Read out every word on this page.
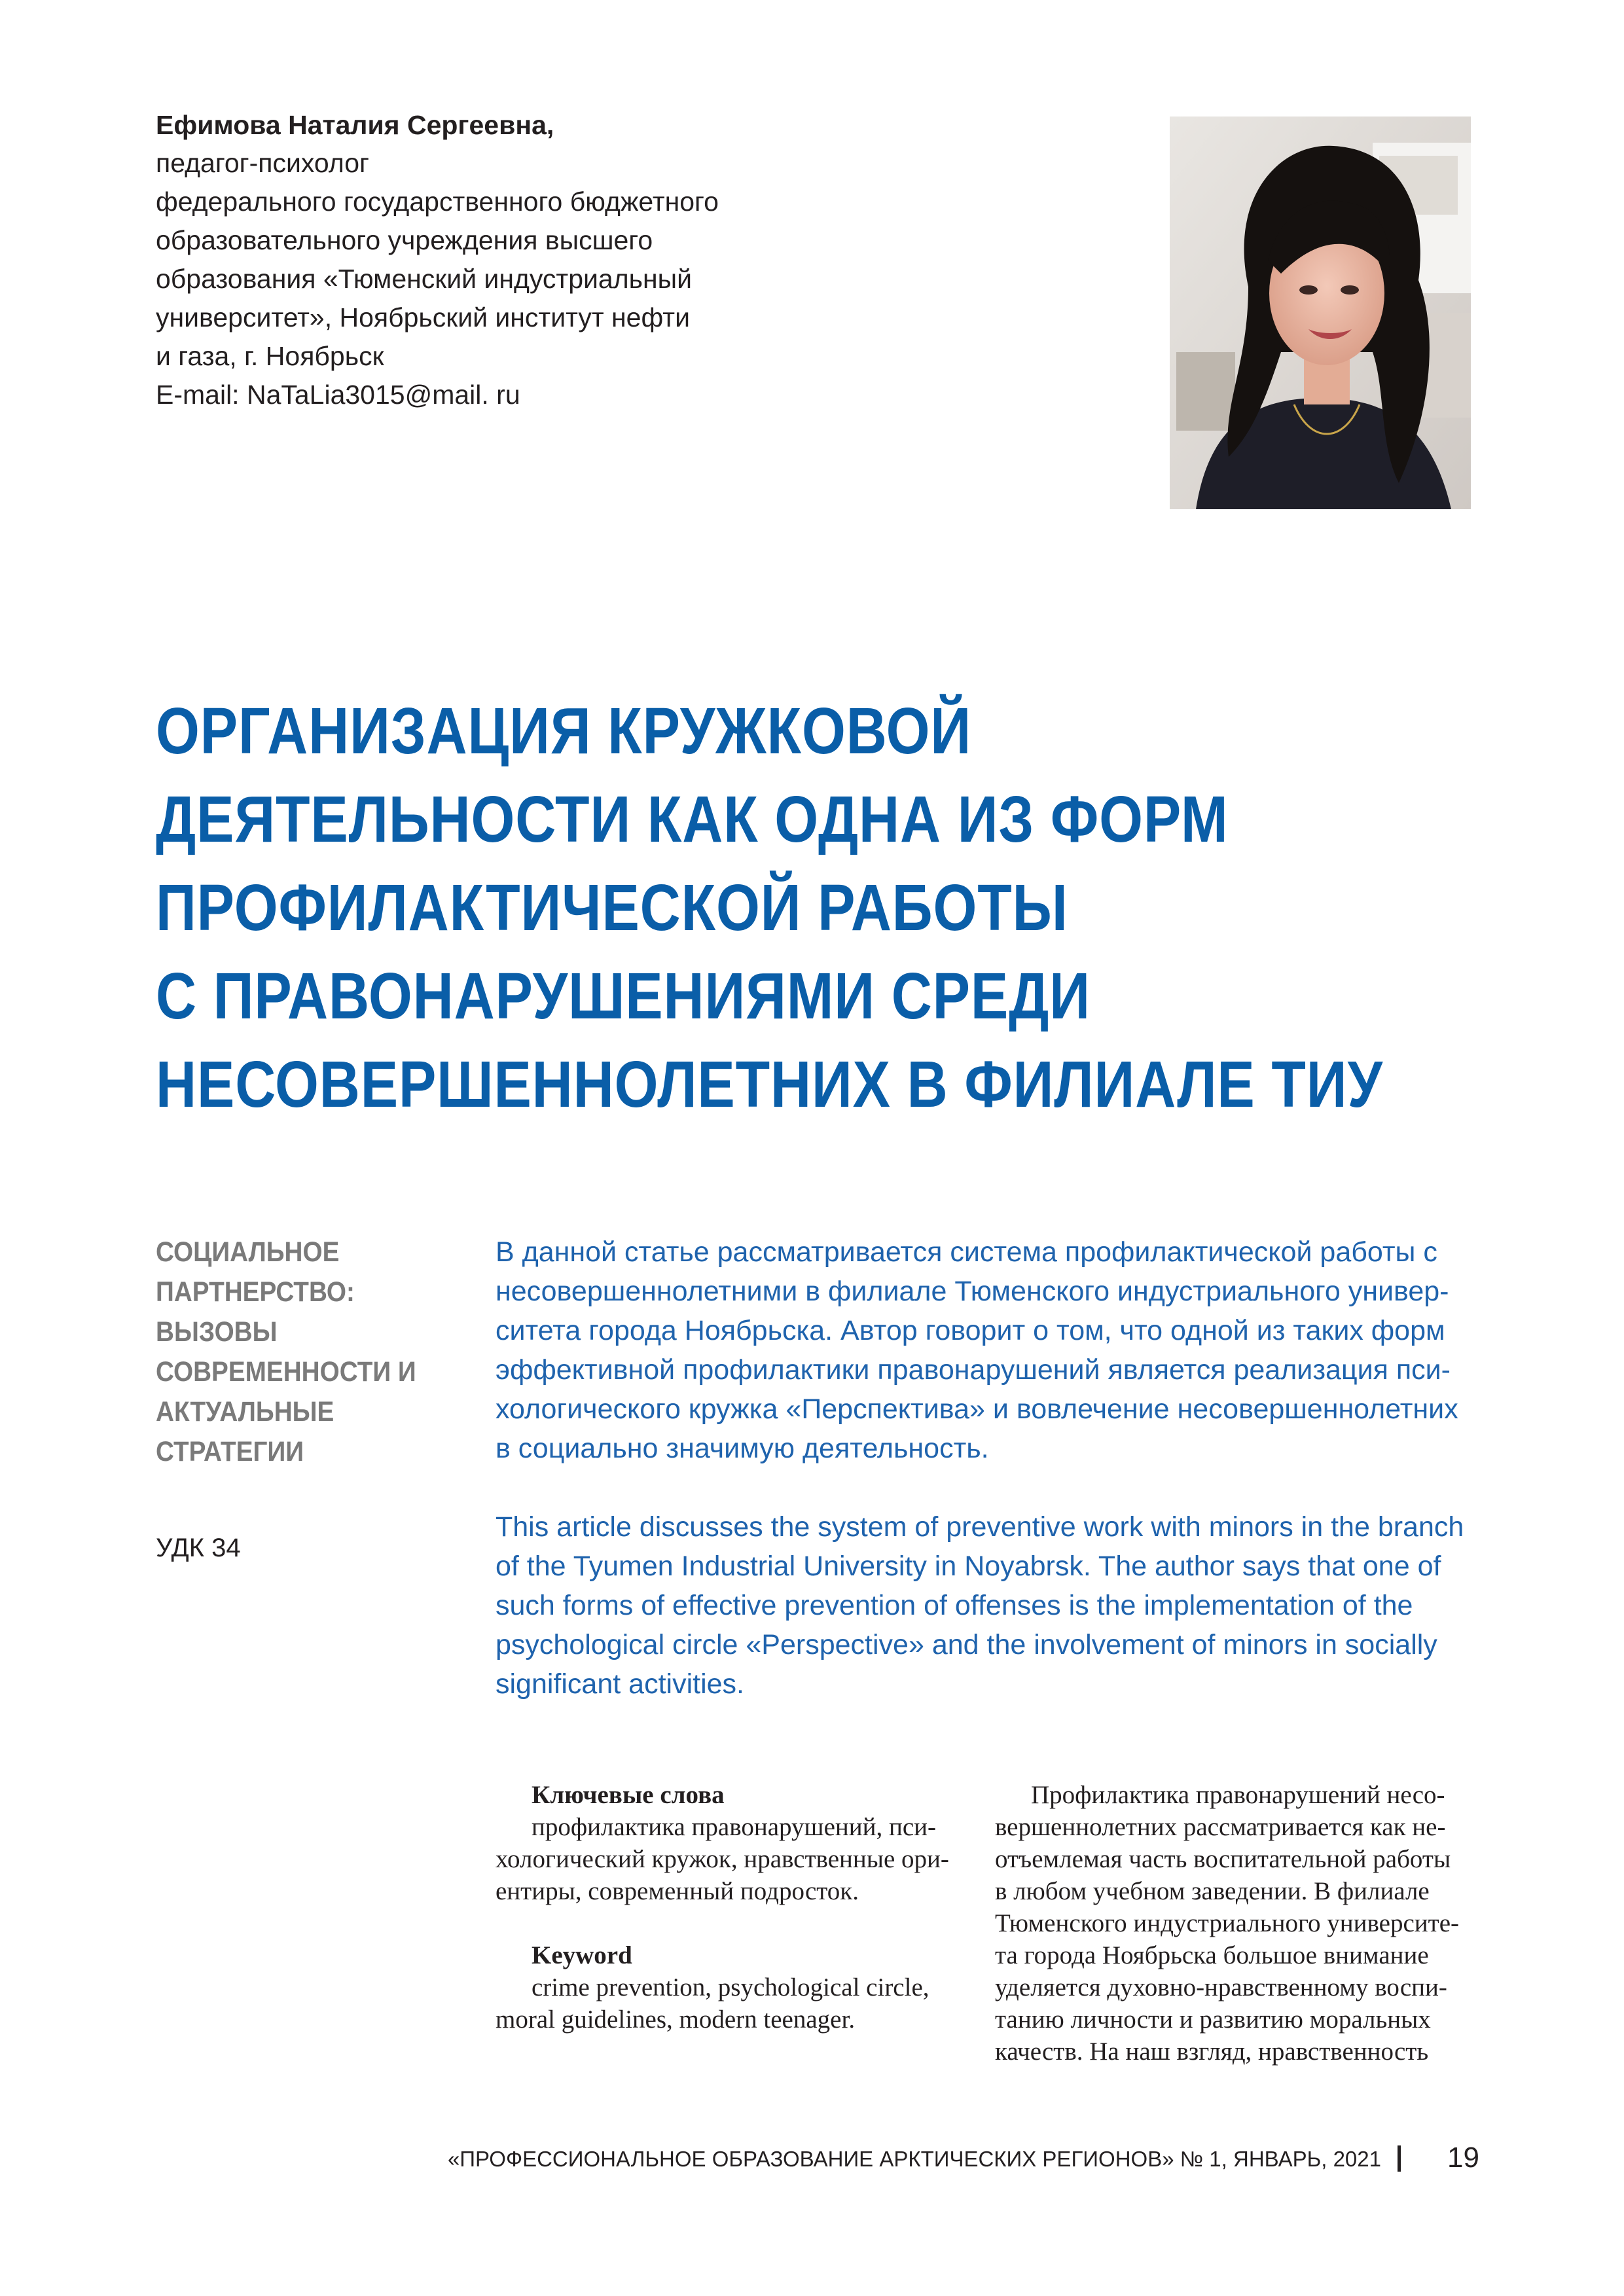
Ефимова Наталия Сергеевна,
педагог-психолог
федерального государственного бюджетного
образовательного учреждения высшего
образования «Тюменский индустриальный
университет», Ноябрьский институт нефти
и газа, г. Ноябрьск
E-mail: NaTaLia3015@mail. ru
ОРГАНИЗАЦИЯ КРУЖКОВОЙ
ДЕЯТЕЛЬНОСТИ КАК ОДНА ИЗ ФОРМ
ПРОФИЛАКТИЧЕСКОЙ РАБОТЫ
С ПРАВОНАРУШЕНИЯМИ СРЕДИ
НЕСОВЕРШЕННОЛЕТНИХ В ФИЛИАЛЕ ТИУ
СОЦИАЛЬНОЕ
ПАРТНЕРСТВО:
ВЫЗОВЫ
СОВРЕМЕННОСТИ И
АКТУАЛЬНЫЕ
СТРАТЕГИИ
УДК 34
В данной статье рассматривается система профилактической работы с
несовершеннолетними в филиале Тюменского индустриального универ-
ситета города Ноябрьска. Автор говорит о том, что одной из таких форм
эффективной профилактики правонарушений является реализация пси-
хологического кружка «Перспектива» и вовлечение несовершеннолетних
в социально значимую деятельность.
This article discusses the system of preventive work with minors in the branch
of the Tyumen Industrial University in Noyabrsk. The author says that one of
such forms of effective prevention of offenses is the implementation of the
psychological circle «Perspective» and the involvement of minors in socially
significant activities.
Ключевые слова
профилактика правонарушений, пси-
хологический кружок, нравственные ори-
ентиры, современный подросток.
Keyword
crime prevention, psychological circle,
moral guidelines, modern teenager.
Профилактика правонарушений несо-
вершеннолетних рассматривается как не-
отъемлемая часть воспитательной работы
в любом учебном заведении. В филиале
Тюменского индустриального университе-
та города Ноябрьска большое внимание
уделяется духовно-нравственному воспи-
танию личности и развитию моральных
качеств. На наш взгляд, нравственность
«ПРОФЕССИОНАЛЬНОЕ ОБРАЗОВАНИЕ АРКТИЧЕСКИХ РЕГИОНОВ» № 1, ЯНВАРЬ, 2021 19
